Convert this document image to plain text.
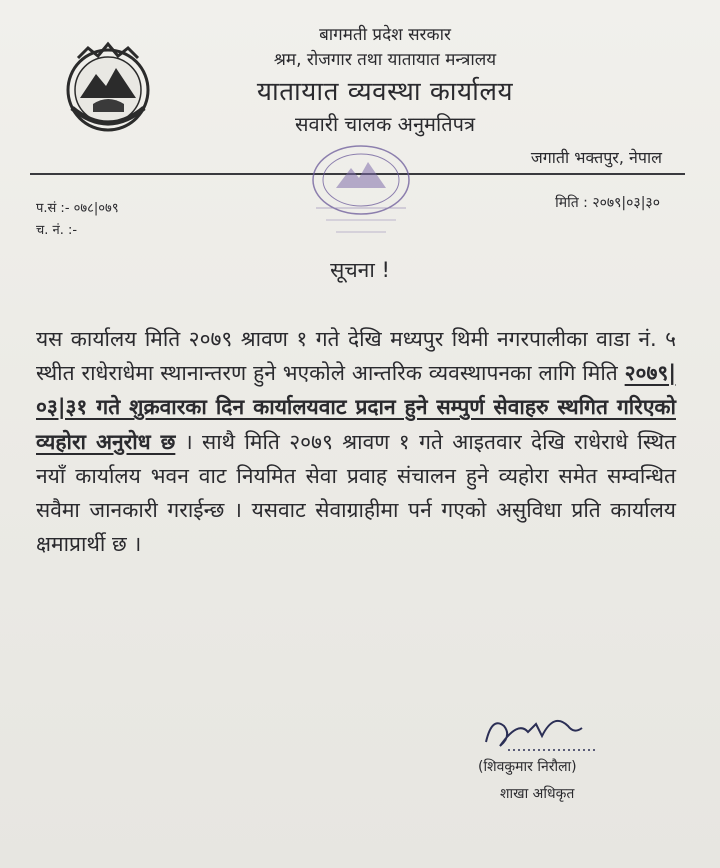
बागमती प्रदेश सरकार
श्रम, रोजगार तथा यातायात मन्त्रालय
यातायात व्यवस्था कार्यालय
सवारी चालक अनुमतिपत्र
जगाती भक्तपुर, नेपाल
प.सं :- ०७८|०७९
च. नं. :-
मिति : २०७९|०३|३०
सूचना !
यस कार्यालय मिति २०७९ श्रावण १ गते देखि मध्यपुर थिमी नगरपालीका वाडा नं. ५ स्थीत राधेराधेमा स्थानान्तरण हुने भएकोले आन्तरिक व्यवस्थापनका लागि मिति २०७९|०३|३१ गते शुक्रवारका दिन कार्यालयवाट प्रदान हुने सम्पुर्ण सेवाहरु स्थगित गरिएको व्यहोरा अनुरोध छ । साथै मिति २०७९ श्रावण १ गते आइतवार देखि राधेराधे स्थित नयाँ कार्यालय भवन वाट नियमित सेवा प्रवाह संचालन हुने व्यहोरा समेत सम्वन्धित सवैमा जानकारी गराईन्छ । यसवाट सेवाग्राहीमा पर्न गएको असुविधा प्रति कार्यालय क्षमाप्रार्थी छ ।
(शिवकुमार निरौला)
शाखा अधिकृत
